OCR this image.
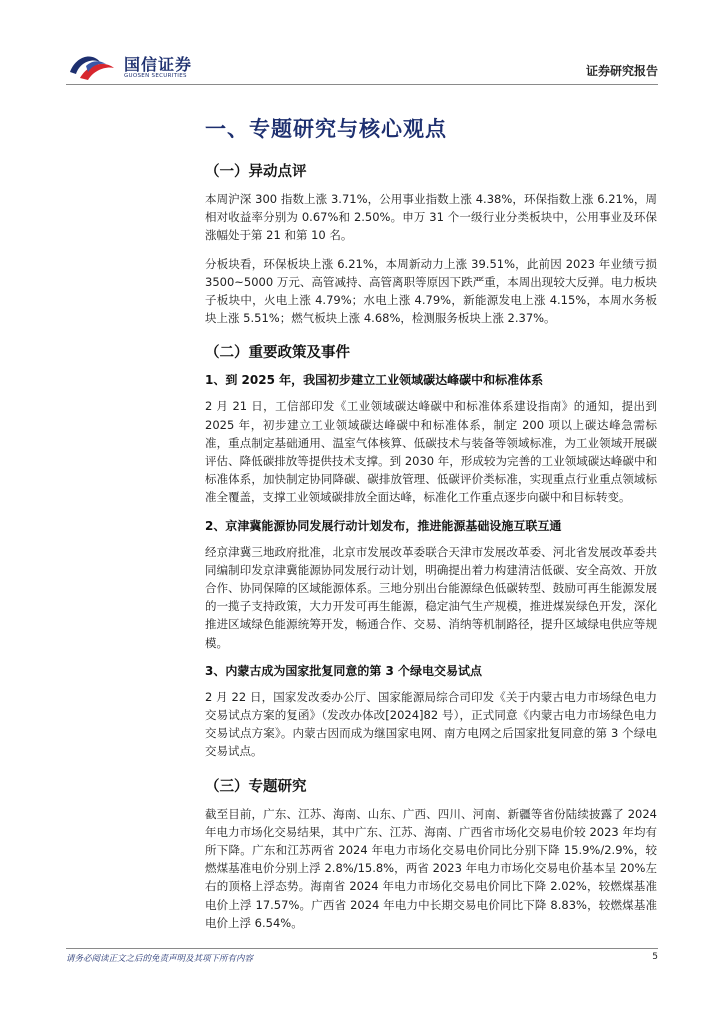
国信证券
GUOSEN SECURITIES	证券研究报告
一、专题研究与核心观点
（一）异动点评
本周沪深 300 指数上涨 3.71%，公用事业指数上涨 4.38%，环保指数上涨 6.21%，周相对收益率分别为 0.67%和 2.50%。申万 31 个一级行业分类板块中，公用事业及环保涨幅处于第 21 和第 10 名。
分板块看，环保板块上涨 6.21%，本周新动力上涨 39.51%，此前因 2023 年业绩亏损 3500~5000 万元、高管减持、高管离职等原因下跌严重，本周出现较大反弹。电力板块子板块中，火电上涨 4.79%；水电上涨 4.79%，新能源发电上涨 4.15%，本周水务板块上涨 5.51%；燃气板块上涨 4.68%，检测服务板块上涨 2.37%。
（二）重要政策及事件
1、到 2025 年，我国初步建立工业领域碳达峰碳中和标准体系
2 月 21 日，工信部印发《工业领域碳达峰碳中和标准体系建设指南》的通知，提出到 2025 年，初步建立工业领域碳达峰碳中和标准体系，制定 200 项以上碳达峰急需标准，重点制定基础通用、温室气体核算、低碳技术与装备等领域标准，为工业领域开展碳评估、降低碳排放等提供技术支撑。到 2030 年，形成较为完善的工业领域碳达峰碳中和标准体系，加快制定协同降碳、碳排放管理、低碳评价类标准，实现重点行业重点领域标准全覆盖，支撑工业领域碳排放全面达峰，标准化工作重点逐步向碳中和目标转变。
2、京津冀能源协同发展行动计划发布，推进能源基础设施互联互通
经京津冀三地政府批准，北京市发展改革委联合天津市发展改革委、河北省发展改革委共同编制印发京津冀能源协同发展行动计划，明确提出着力构建清洁低碳、安全高效、开放合作、协同保障的区域能源体系。三地分别出台能源绿色低碳转型、鼓励可再生能源发展的一揽子支持政策，大力开发可再生能源，稳定油气生产规模，推进煤炭绿色开发，深化推进区域绿色能源统筹开发，畅通合作、交易、消纳等机制路径，提升区域绿电供应等规模。
3、内蒙古成为国家批复同意的第 3 个绿电交易试点
2 月 22 日，国家发改委办公厅、国家能源局综合司印发《关于内蒙古电力市场绿色电力交易试点方案的复函》（发改办体改[2024]82 号），正式同意《内蒙古电力市场绿色电力交易试点方案》。内蒙古因而成为继国家电网、南方电网之后国家批复同意的第 3 个绿电交易试点。
（三）专题研究
截至目前，广东、江苏、海南、山东、广西、四川、河南、新疆等省份陆续披露了 2024 年电力市场化交易结果，其中广东、江苏、海南、广西省市场化交易电价较 2023 年均有所下降。广东和江苏两省 2024 年电力市场化交易电价同比分别下降 15.9%/2.9%，较燃煤基准电价分别上浮 2.8%/15.8%，两省 2023 年电力市场化交易电价基本呈 20%左右的顶格上浮态势。海南省 2024 年电力市场化交易电价同比下降 2.02%，较燃煤基准电价上浮 17.57%。广西省 2024 年电力中长期交易电价同比下降 8.83%，较燃煤基准电价上浮 6.54%。
请务必阅读正文之后的免责声明及其项下所有内容	5
